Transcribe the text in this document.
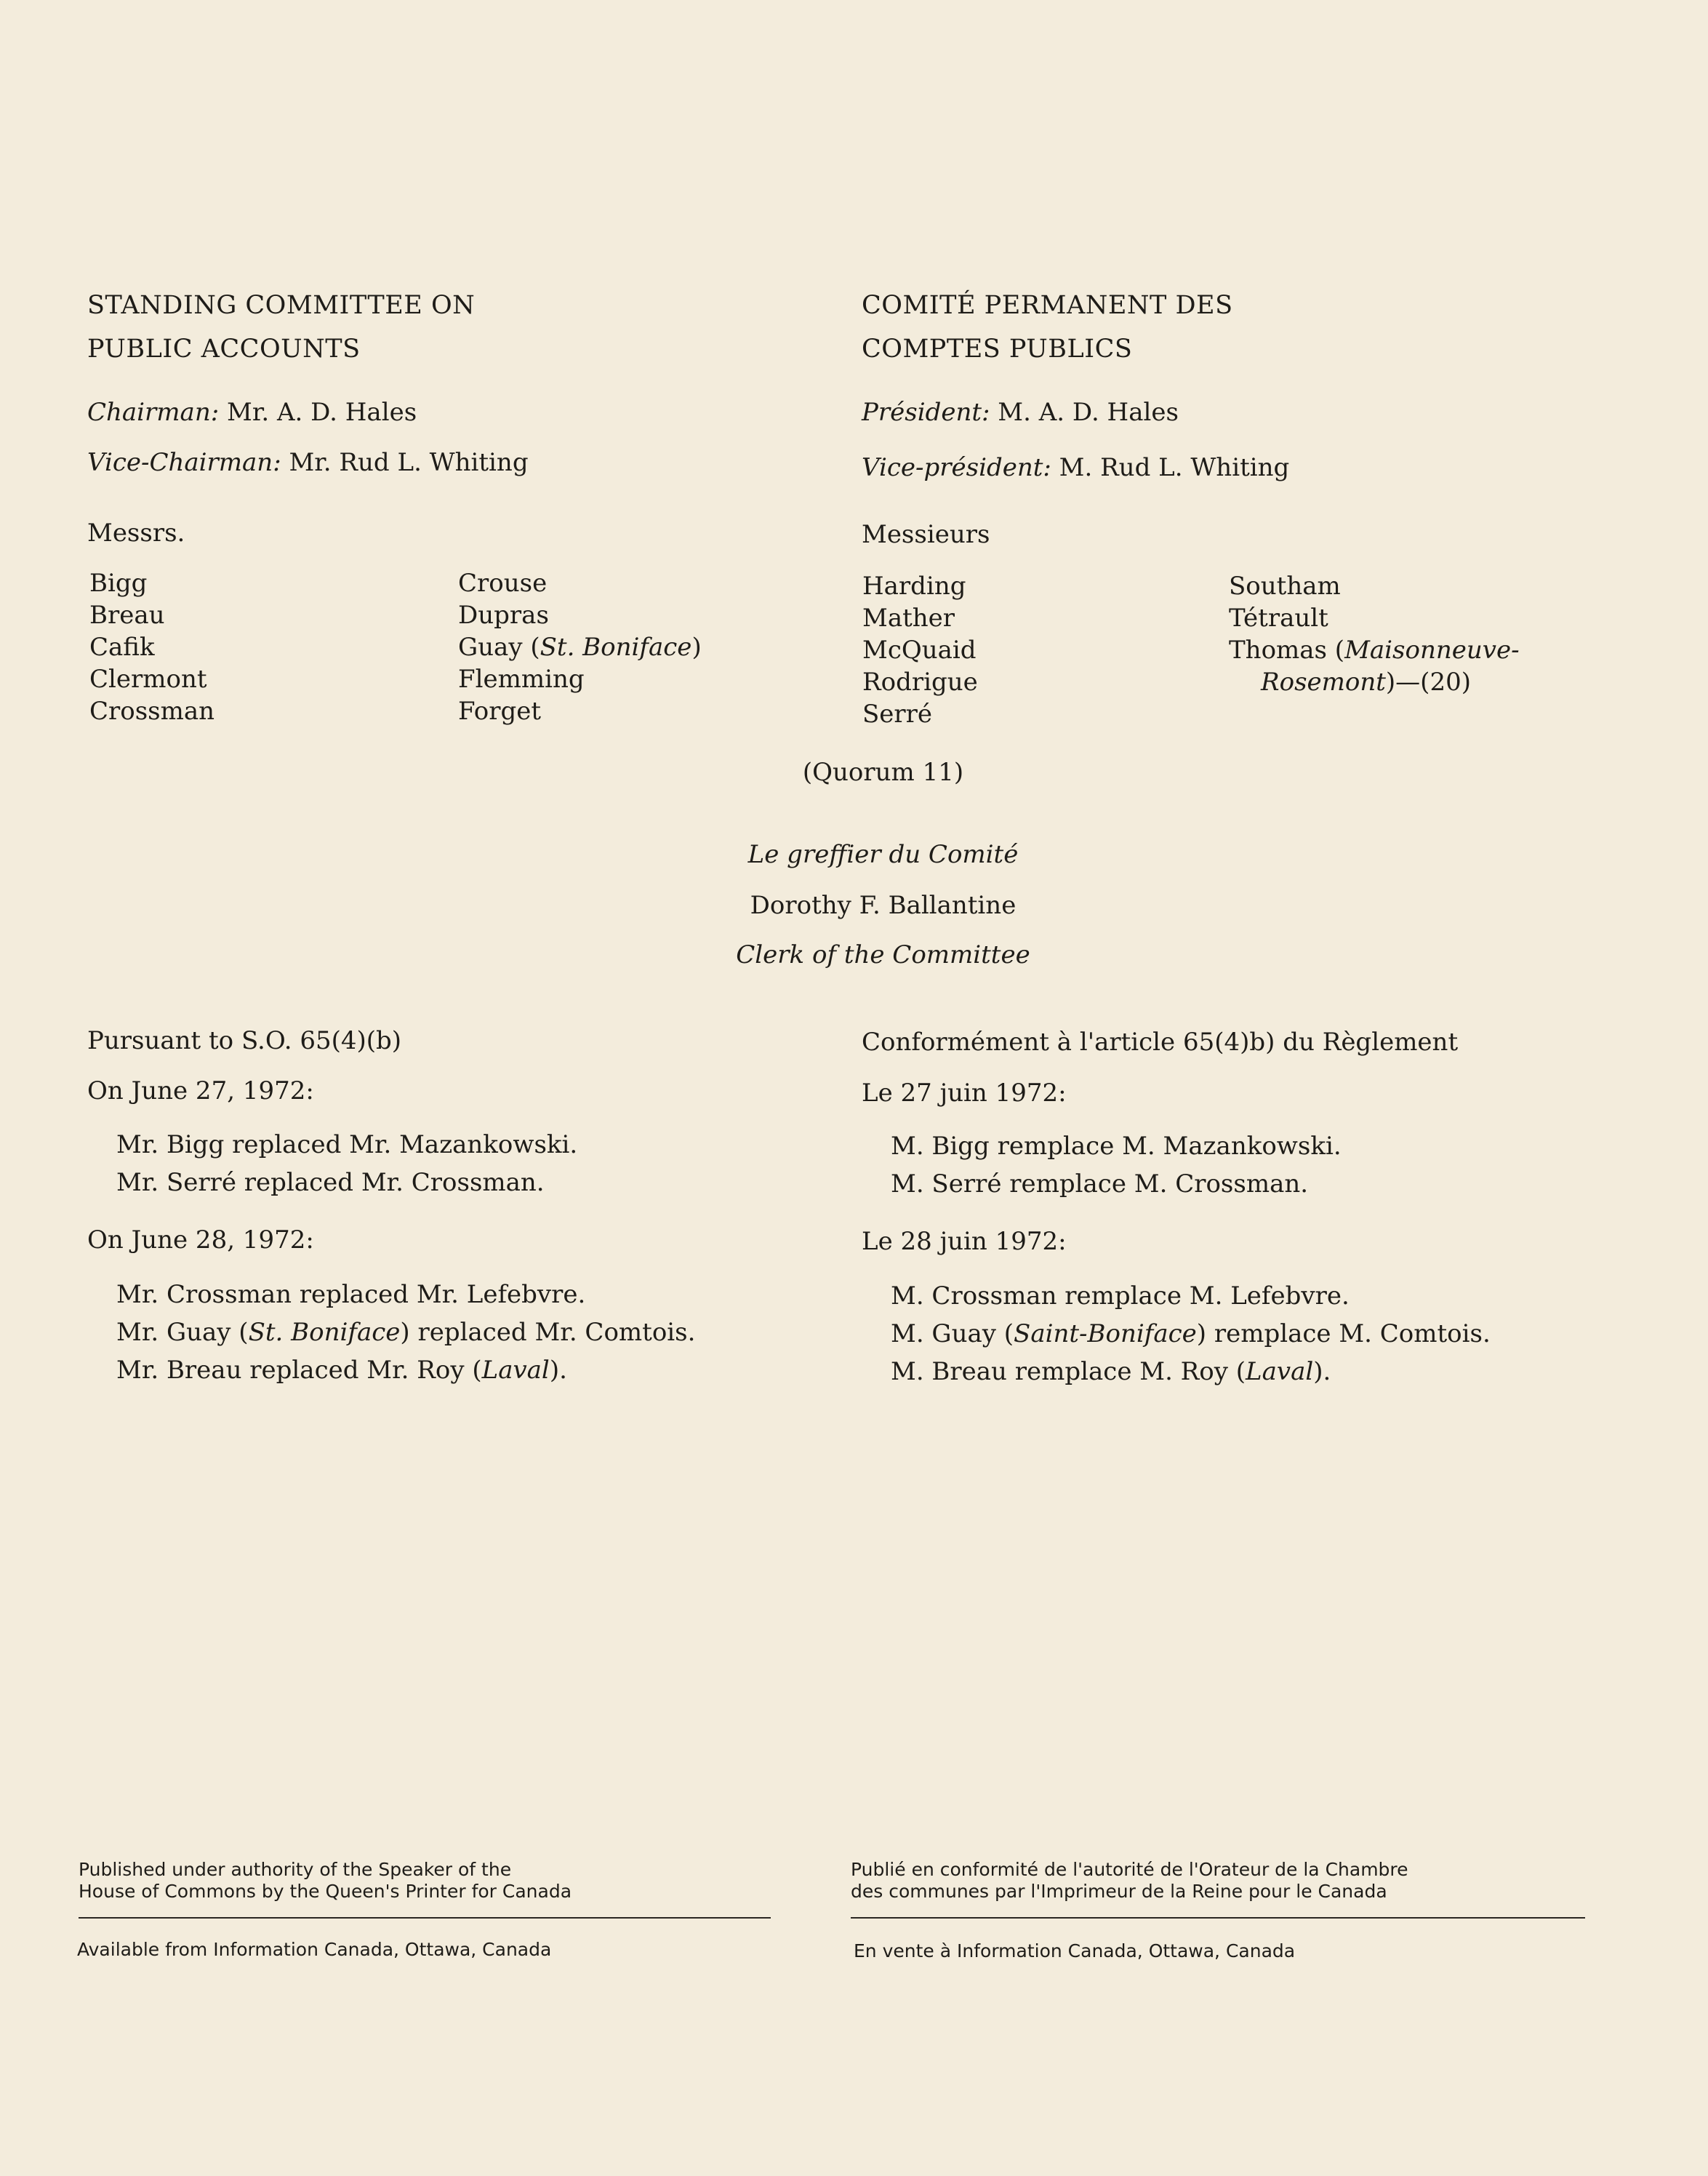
STANDING COMMITTEE ON
PUBLIC ACCOUNTS
Chairman: Mr. A. D. Hales
Vice-Chairman: Mr. Rud L. Whiting
Messrs.
Bigg
Breau
Cafik
Clermont
Crossman
Crouse
Dupras
Guay (St. Boniface)
Flemming
Forget
COMITÉ PERMANENT DES
COMPTES PUBLICS
Président: M. A. D. Hales
Vice-président: M. Rud L. Whiting
Messieurs
Harding
Mather
McQuaid
Rodrigue
Serré
Southam
Tétrault
Thomas (Maisonneuve-
Rosemont)—(20)
(Quorum 11)
Le greffier du Comité
Dorothy F. Ballantine
Clerk of the Committee
Pursuant to S.O. 65(4)(b)
On June 27, 1972:
Mr. Bigg replaced Mr. Mazankowski.
Mr. Serré replaced Mr. Crossman.
On June 28, 1972:
Mr. Crossman replaced Mr. Lefebvre.
Mr. Guay (St. Boniface) replaced Mr. Comtois.
Mr. Breau replaced Mr. Roy (Laval).
Conformément à l'article 65(4)b) du Règlement
Le 27 juin 1972:
M. Bigg remplace M. Mazankowski.
M. Serré remplace M. Crossman.
Le 28 juin 1972:
M. Crossman remplace M. Lefebvre.
M. Guay (Saint-Boniface) remplace M. Comtois.
M. Breau remplace M. Roy (Laval).
Published under authority of the Speaker of the
House of Commons by the Queen's Printer for Canada
Available from Information Canada, Ottawa, Canada
Publié en conformité de l'autorité de l'Orateur de la Chambre
des communes par l'Imprimeur de la Reine pour le Canada
En vente à Information Canada, Ottawa, Canada
